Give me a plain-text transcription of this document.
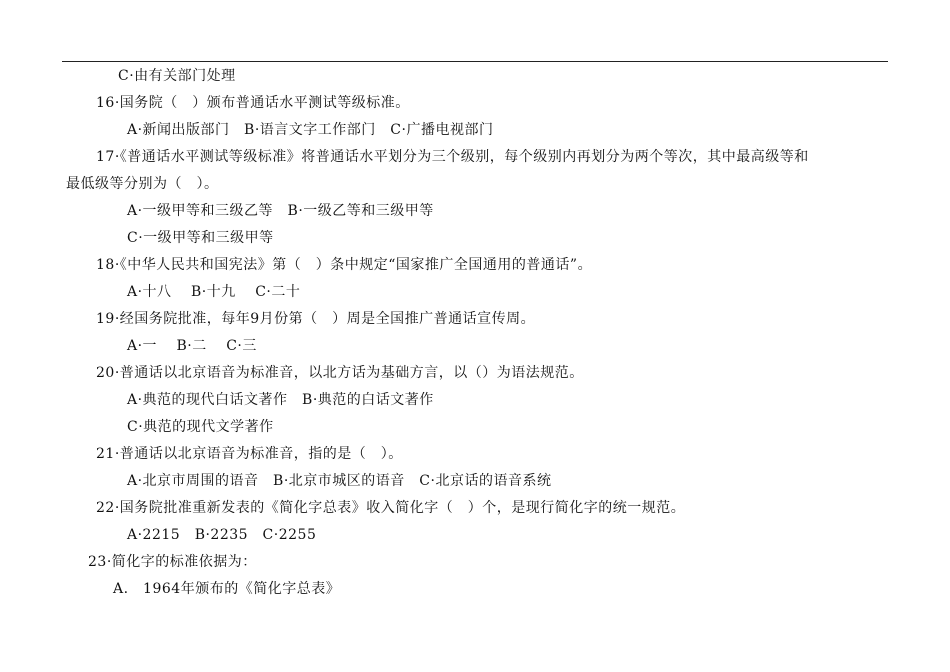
C·由有关部门处理
16·国务院（　）颁布普通话水平测试等级标准。
A·新闻出版部门　B·语言文字工作部门　C·广播电视部门
17·《普通话水平测试等级标准》将普通话水平划分为三个级别，每个级别内再划分为两个等次，其中最高级等和
最低级等分别为（　）。
A·一级甲等和三级乙等　B·一级乙等和三级甲等
C·一级甲等和三级甲等
18·《中华人民共和国宪法》第（　）条中规定“国家推广全国通用的普通话”。
A·十八　 B·十九　 C·二十
19·经国务院批准，每年9月份第（　）周是全国推广普通话宣传周。
A·一　 B·二　 C·三
20·普通话以北京语音为标准音，以北方话为基础方言，以（）为语法规范。
A·典范的现代白话文著作　B·典范的白话文著作
C·典范的现代文学著作
21·普通话以北京语音为标准音，指的是（　）。
A·北京市周围的语音　B·北京市城区的语音　C·北京话的语音系统
22·国务院批准重新发表的《简化字总表》收入简化字（　）个，是现行简化字的统一规范。
A·2215　B·2235　C·2255
23·简化字的标准依据为：
A.　1964年颁布的《简化字总表》
